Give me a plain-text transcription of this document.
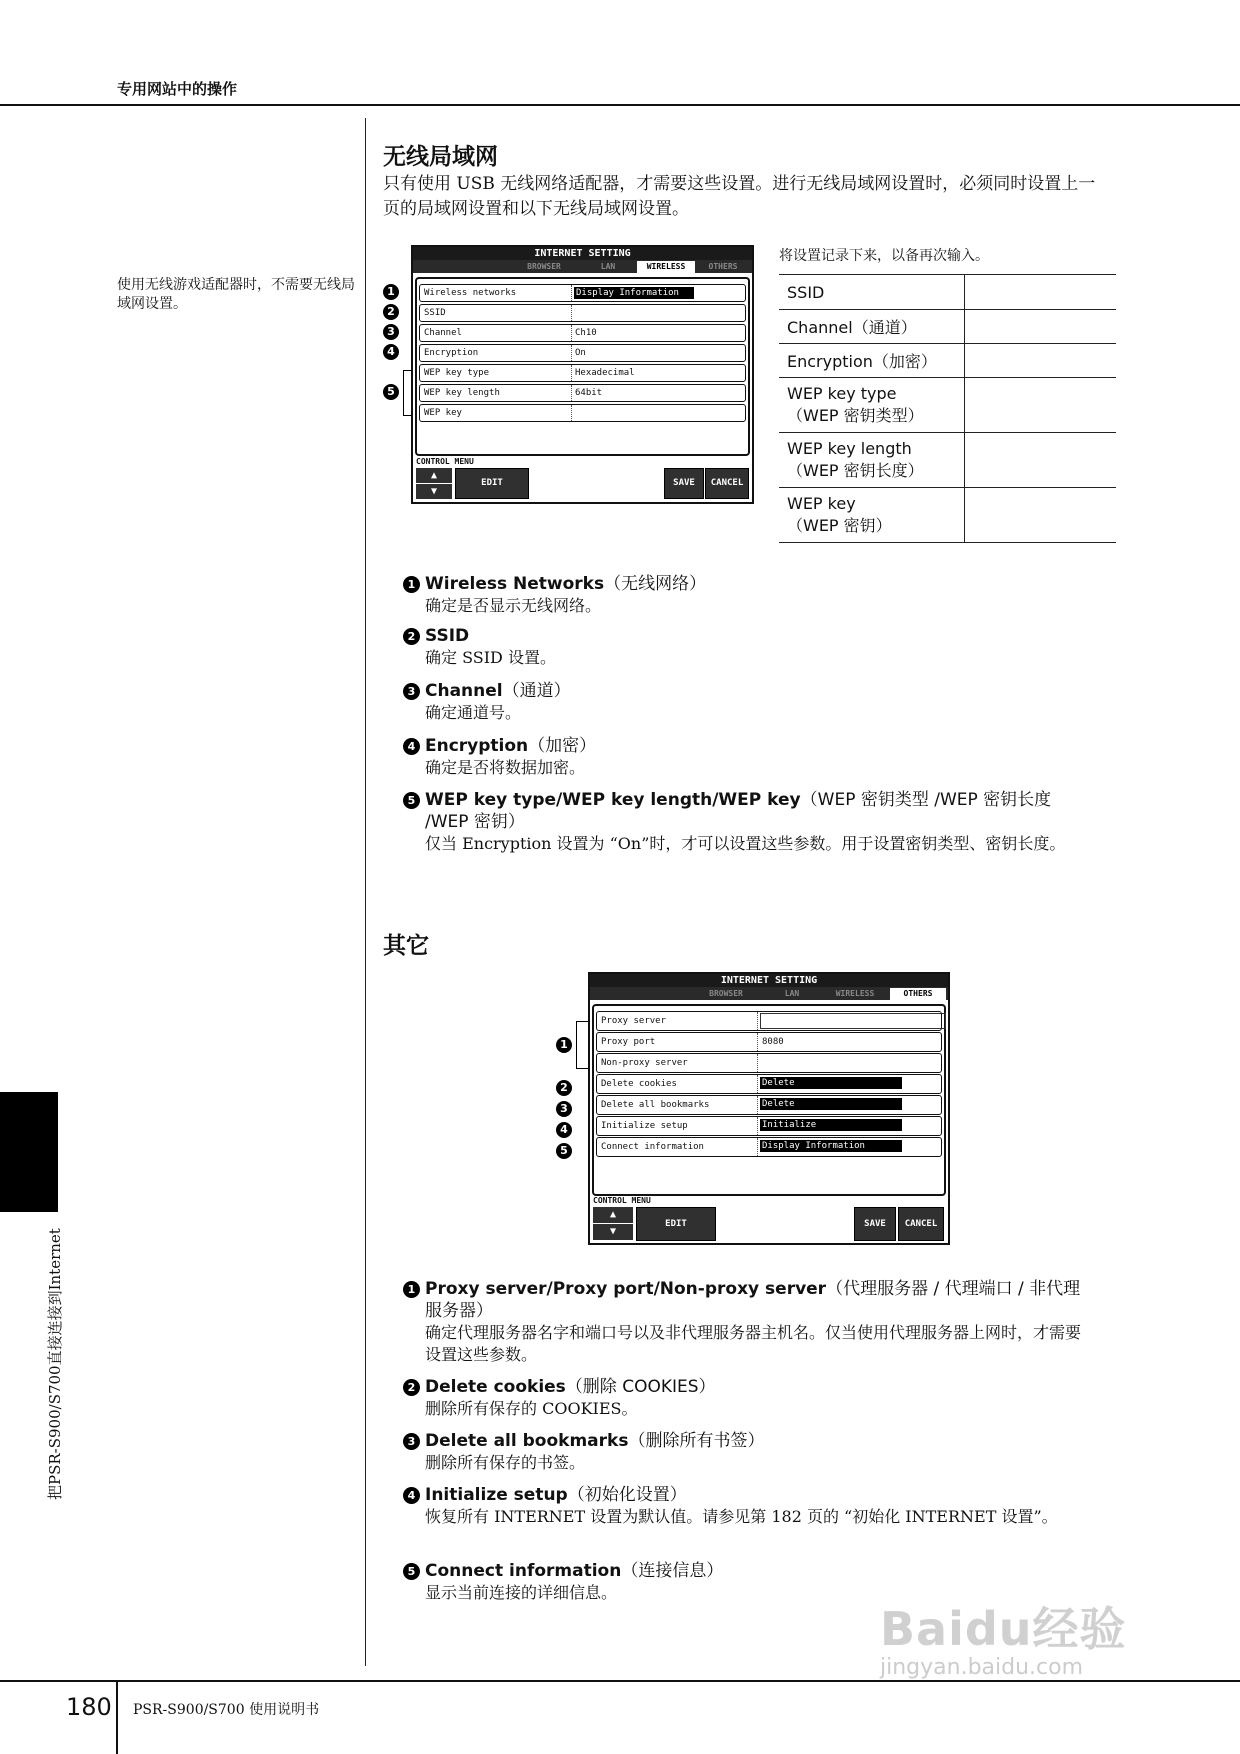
专用网站中的操作
使用无线游戏适配器时，不需要无线局域网设置。
把PSR-S900/S700直接连接到Internet
无线局域网
只有使用 USB 无线网络适配器，才需要这些设置。进行无线局域网设置时，必须同时设置上一页的局域网设置和以下无线局域网设置。
INTERNET SETTING
BROWSER	LAN	WIRELESS	OTHERS
Wireless networks	Display Information
SSID
Channel	Ch10
Encryption	On
WEP key type	Hexadecimal
WEP key length	64bit
WEP key
CONTROL MENU
▲
▼
EDIT	SAVE	CANCEL
1
2
3
4
5
将设置记录下来，以备再次输入。
SSID	

Channel（通道）	

Encryption（加密）	

WEP key type
（WEP 密钥类型）	

WEP key length
（WEP 密钥长度）	

WEP key
（WEP 密钥）	

1 Wireless Networks（无线网络）
确定是否显示无线网络。
2 SSID
确定 SSID 设置。
3 Channel（通道）
确定通道号。
4 Encryption（加密）
确定是否将数据加密。
5 WEP key type/WEP key length/WEP key（WEP 密钥类型 /WEP 密钥长度 /WEP 密钥）
仅当 Encryption 设置为 “On”时，才可以设置这些参数。用于设置密钥类型、密钥长度。
其它
INTERNET SETTING
BROWSER	LAN	WIRELESS	OTHERS
Proxy server
Proxy port	8080
Non-proxy server
Delete cookies	Delete
Delete all bookmarks	Delete
Initialize setup	Initialize
Connect information	Display Information
CONTROL MENU
▲
▼
EDIT	SAVE	CANCEL
1
2
3
4
5
1 Proxy server/Proxy port/Non-proxy server（代理服务器 / 代理端口 / 非代理服务器）
确定代理服务器名字和端口号以及非代理服务器主机名。仅当使用代理服务器上网时，才需要设置这些参数。
2 Delete cookies（删除 COOKIES）
删除所有保存的 COOKIES。
3 Delete all bookmarks（删除所有书签）
删除所有保存的书签。
4 Initialize setup（初始化设置）
恢复所有 INTERNET 设置为默认值。请参见第 182 页的 “初始化 INTERNET 设置”。
5 Connect information（连接信息）
显示当前连接的详细信息。
180 PSR-S900/S700 使用说明书
Baidu经验
jingyan.baidu.com
